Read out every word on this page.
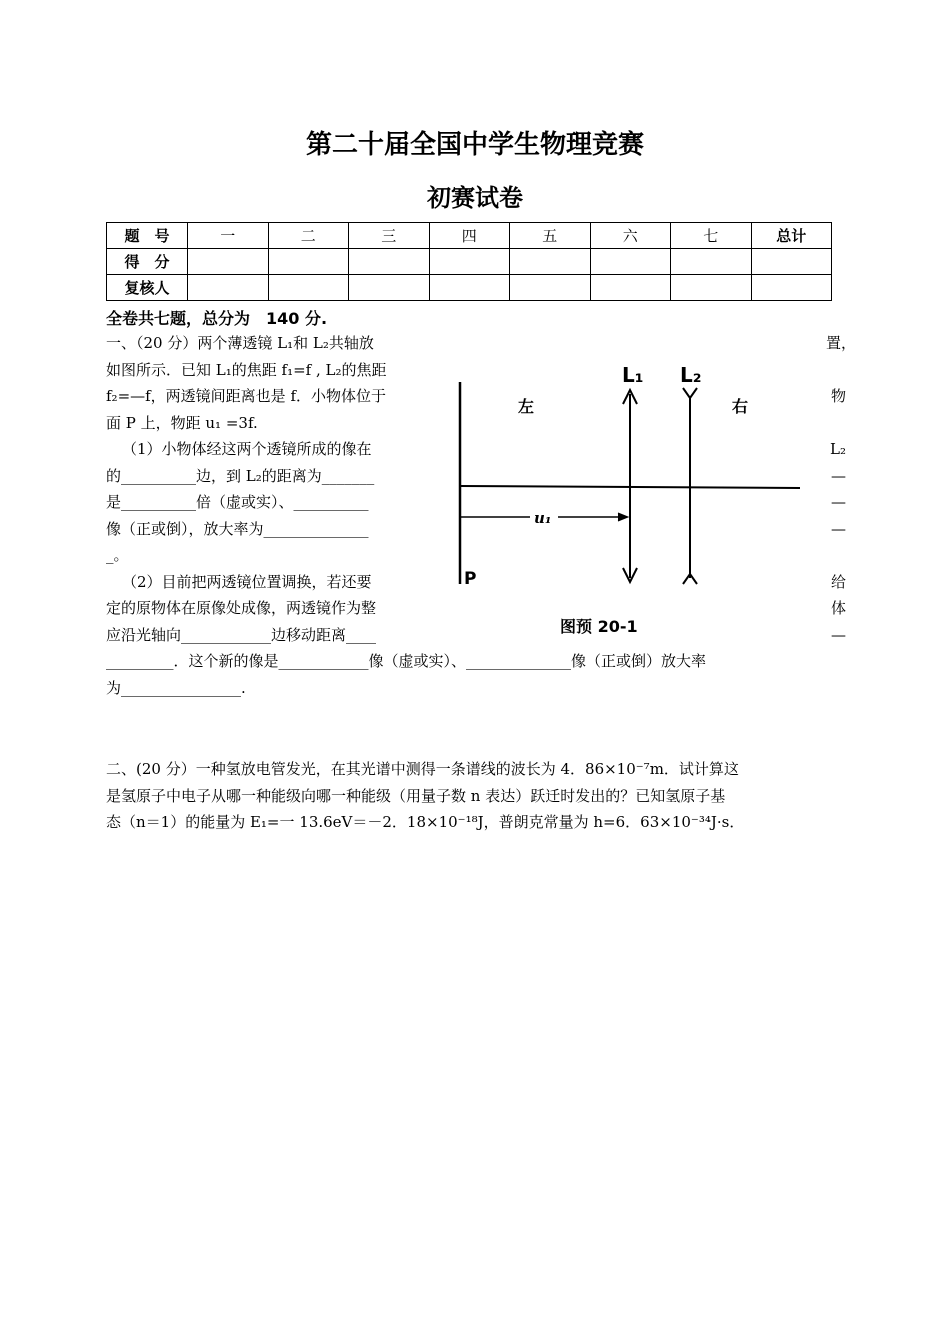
第二十届全国中学生物理竞赛
初赛试卷
题　号	一	二	三	四	五	六	七	总计
得　分								
复核人								
全卷共七题，总分为　140 分.

一、（20 分）两个薄透镜 L₁和 L₂共轴放

如图所示．已知 L₁的焦距 f₁=f , L₂的焦距

f₂=—f，两透镜间距离也是 f．小物体位于

面 P 上，物距 u₁ =3f.

（1）小物体经这两个透镜所成的像在

的__________边，到 L₂的距离为_______

是__________倍（虚或实）、__________

像（正或倒），放大率为______________

_。

（2）目前把两透镜位置调换，若还要

定的原物体在原像处成像，两透镜作为整

应沿光轴向____________边移动距离____

置，
物
L₂
—
—
—
给
体
—
L₁ L₂
左	右
u₁
P
图预 20-1

_________．这个新的像是____________像（虚或实）、______________像（正或倒）放大率

为________________.

二、(20 分）一种氢放电管发光，在其光谱中测得一条谱线的波长为 4．86×10⁻⁷m．试计算这

是氢原子中电子从哪一种能级向哪一种能级（用量子数 n 表达）跃迁时发出的？已知氢原子基

态（n＝1）的能量为 E₁=一 13.6eV＝－2．18×10⁻¹⁸J，普朗克常量为 h=6．63×10⁻³⁴J·s．
